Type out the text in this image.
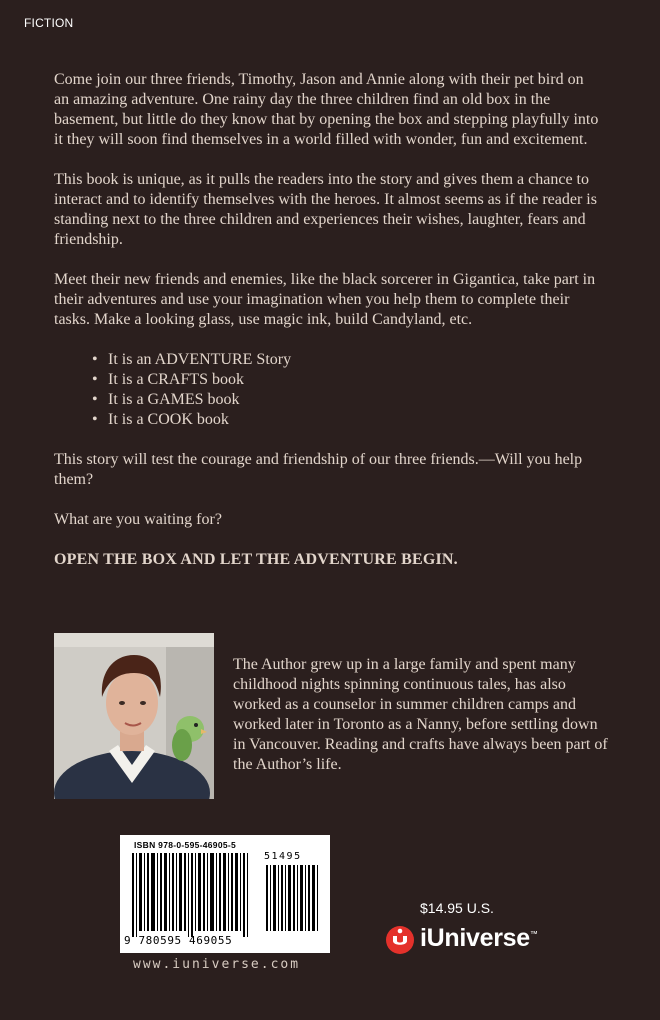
FICTION

Come join our three friends, Timothy, Jason and Annie along with their pet bird on an amazing adventure. One rainy day the three children find an old box in the basement, but little do they know that by opening the box and stepping playfully into it they will soon find themselves in a world filled with wonder, fun and excitement.

This book is unique, as it pulls the readers into the story and gives them a chance to interact and to identify themselves with the heroes. It almost seems as if the reader is standing next to the three children and experiences their wishes, laughter, fears and friendship.

Meet their new friends and enemies, like the black sorcerer in Gigantica, take part in their adventures and use your imagination when you help them to complete their tasks. Make a looking glass, use magic ink, build Candyland, etc.

• It is an ADVENTURE Story
• It is a CRAFTS book
• It is a GAMES book
• It is a COOK book

This story will test the courage and friendship of our three friends.—Will you help them?

What are you waiting for?

OPEN THE BOX AND LET THE ADVENTURE BEGIN.

The Author grew up in a large family and spent many childhood nights spinning continuous tales, has also worked as a counselor in summer children camps and worked later in Toronto as a Nanny, before settling down in Vancouver. Reading and crafts have always been part of the Author’s life.

ISBN 978-0-595-46905-5
51495
9 780595 469055
www.iuniverse.com
$14.95 U.S.
iUniverse™
